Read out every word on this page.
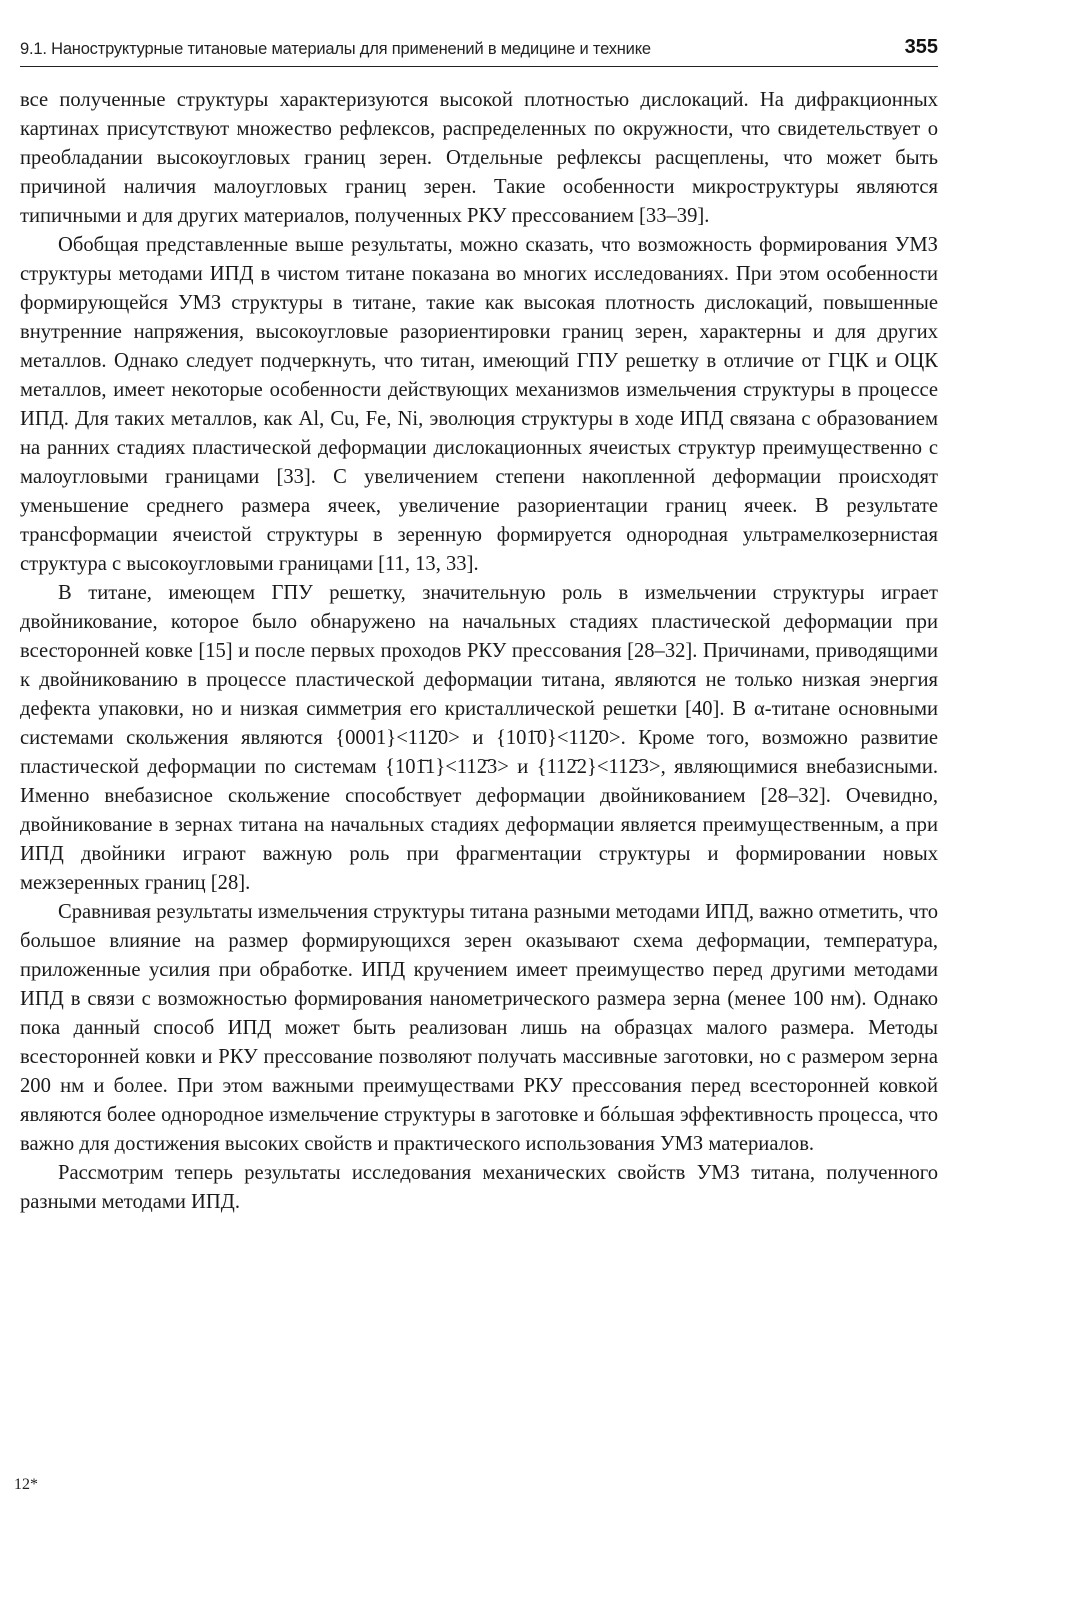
9.1. Наноструктурные титановые материалы для применений в медицине и технике	355

все полученные структуры характеризуются высокой плотностью дислокаций. На дифракционных картинах присутствуют множество рефлексов, распределенных по окружности, что свидетельствует о преобладании высокоугловых границ зерен. Отдельные рефлексы расщеплены, что может быть причиной наличия малоугловых границ зерен. Такие особенности микроструктуры являются типичными и для других материалов, полученных РКУ прессованием [33–39].

Обобщая представленные выше результаты, можно сказать, что возможность формирования УМЗ структуры методами ИПД в чистом титане показана во многих исследованиях. При этом особенности формирующейся УМЗ структуры в титане, такие как высокая плотность дислокаций, повышенные внутренние напряжения, высокоугловые разориентировки границ зерен, характерны и для других металлов. Однако следует подчеркнуть, что титан, имеющий ГПУ решетку в отличие от ГЦК и ОЦК металлов, имеет некоторые особенности действующих механизмов измельчения структуры в процессе ИПД. Для таких металлов, как Al, Cu, Fe, Ni, эволюция структуры в ходе ИПД связана с образованием на ранних стадиях пластической деформации дислокационных ячеистых структур преимущественно с малоугловыми границами [33]. С увеличением степени накопленной деформации происходят уменьшение среднего размера ячеек, увеличение разориентации границ ячеек. В результате трансформации ячеистой структуры в зеренную формируется однородная ультрамелкозернистая структура с высокоугловыми границами [11, 13, 33].

В титане, имеющем ГПУ решетку, значительную роль в измельчении структуры играет двойникование, которое было обнаружено на начальных стадиях пластической деформации при всесторонней ковке [15] и после первых проходов РКУ прессования [28–32]. Причинами, приводящими к двойникованию в процессе пластической деформации титана, являются не только низкая энергия дефекта упаковки, но и низкая симметрия его кристаллической решетки [40]. В α-титане основными системами скольжения являются {0001}<112̄0> и {101̄0}<112̄0>. Кроме того, возможно развитие пластической деформации по системам {101̄1}<112̄3> и {112̄2}<112̄3>, являющимися внебазисными. Именно внебазисное скольжение способствует деформации двойникованием [28–32]. Очевидно, двойникование в зернах титана на начальных стадиях деформации является преимущественным, а при ИПД двойники играют важную роль при фрагментации структуры и формировании новых межзеренных границ [28].

Сравнивая результаты измельчения структуры титана разными методами ИПД, важно отметить, что большое влияние на размер формирующихся зерен оказывают схема деформации, температура, приложенные усилия при обработке. ИПД кручением имеет преимущество перед другими методами ИПД в связи с возможностью формирования нанометрического размера зерна (менее 100 нм). Однако пока данный способ ИПД может быть реализован лишь на образцах малого размера. Методы всесторонней ковки и РКУ прессование позволяют получать массивные заготовки, но с размером зерна 200 нм и более. При этом важными преимуществами РКУ прессования перед всесторонней ковкой являются более однородное измельчение структуры в заготовке и бóльшая эффективность процесса, что важно для достижения высоких свойств и практического использования УМЗ материалов.

Рассмотрим теперь результаты исследования механических свойств УМЗ титана, полученного разными методами ИПД.

12*
